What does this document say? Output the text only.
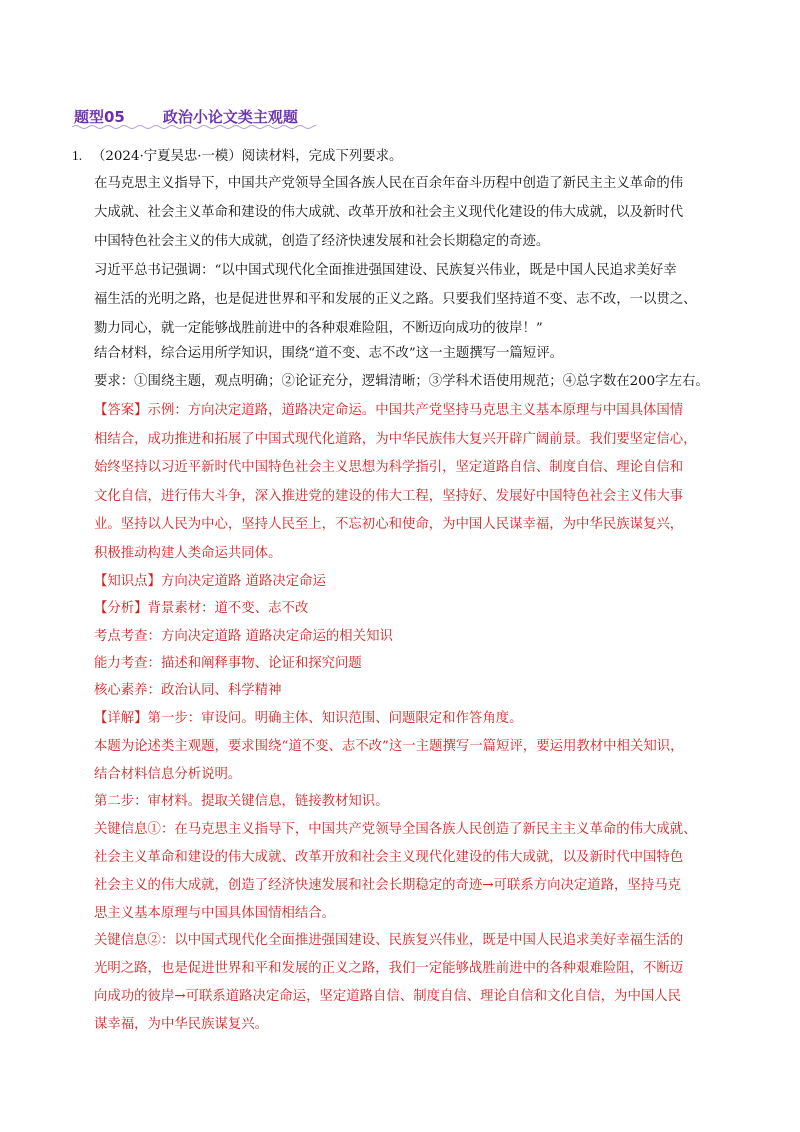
题型05	政治小论文类主观题
1. （2024·宁夏吴忠·一模）阅读材料，完成下列要求。
在马克思主义指导下，中国共产党领导全国各族人民在百余年奋斗历程中创造了新民主主义革命的伟
大成就、社会主义革命和建设的伟大成就、改革开放和社会主义现代化建设的伟大成就，以及新时代
中国特色社会主义的伟大成就，创造了经济快速发展和社会长期稳定的奇迹。
习近平总书记强调：“以中国式现代化全面推进强国建设、民族复兴伟业，既是中国人民追求美好幸
福生活的光明之路，也是促进世界和平和发展的正义之路。只要我们坚持道不变、志不改，一以贯之、
勠力同心，就一定能够战胜前进中的各种艰难险阻，不断迈向成功的彼岸！”
结合材料，综合运用所学知识，围绕“道不变、志不改”这一主题撰写一篇短评。
要求：①围绕主题，观点明确；②论证充分，逻辑清晰；③学科术语使用规范；④总字数在200字左右。
【答案】示例：方向决定道路，道路决定命运。中国共产党坚持马克思主义基本原理与中国具体国情
相结合，成功推进和拓展了中国式现代化道路，为中华民族伟大复兴开辟广阔前景。我们要坚定信心，
始终坚持以习近平新时代中国特色社会主义思想为科学指引，坚定道路自信、制度自信、理论自信和
文化自信，进行伟大斗争，深入推进党的建设的伟大工程，坚持好、发展好中国特色社会主义伟大事
业。坚持以人民为中心，坚持人民至上，不忘初心和使命，为中国人民谋幸福，为中华民族谋复兴，
积极推动构建人类命运共同体。
【知识点】方向决定道路 道路决定命运
【分析】背景素材：道不变、志不改
考点考查：方向决定道路 道路决定命运的相关知识
能力考查：描述和阐释事物、论证和探究问题
核心素养：政治认同、科学精神
【详解】第一步：审设问。明确主体、知识范围、问题限定和作答角度。
本题为论述类主观题，要求围绕“道不变、志不改”这一主题撰写一篇短评，要运用教材中相关知识，
结合材料信息分析说明。
第二步：审材料。提取关键信息，链接教材知识。
关键信息①：在马克思主义指导下，中国共产党领导全国各族人民创造了新民主主义革命的伟大成就、
社会主义革命和建设的伟大成就、改革开放和社会主义现代化建设的伟大成就，以及新时代中国特色
社会主义的伟大成就，创造了经济快速发展和社会长期稳定的奇迹→可联系方向决定道路，坚持马克
思主义基本原理与中国具体国情相结合。
关键信息②：以中国式现代化全面推进强国建设、民族复兴伟业，既是中国人民追求美好幸福生活的
光明之路，也是促进世界和平和发展的正义之路，我们一定能够战胜前进中的各种艰难险阻，不断迈
向成功的彼岸→可联系道路决定命运，坚定道路自信、制度自信、理论自信和文化自信，为中国人民
谋幸福，为中华民族谋复兴。
